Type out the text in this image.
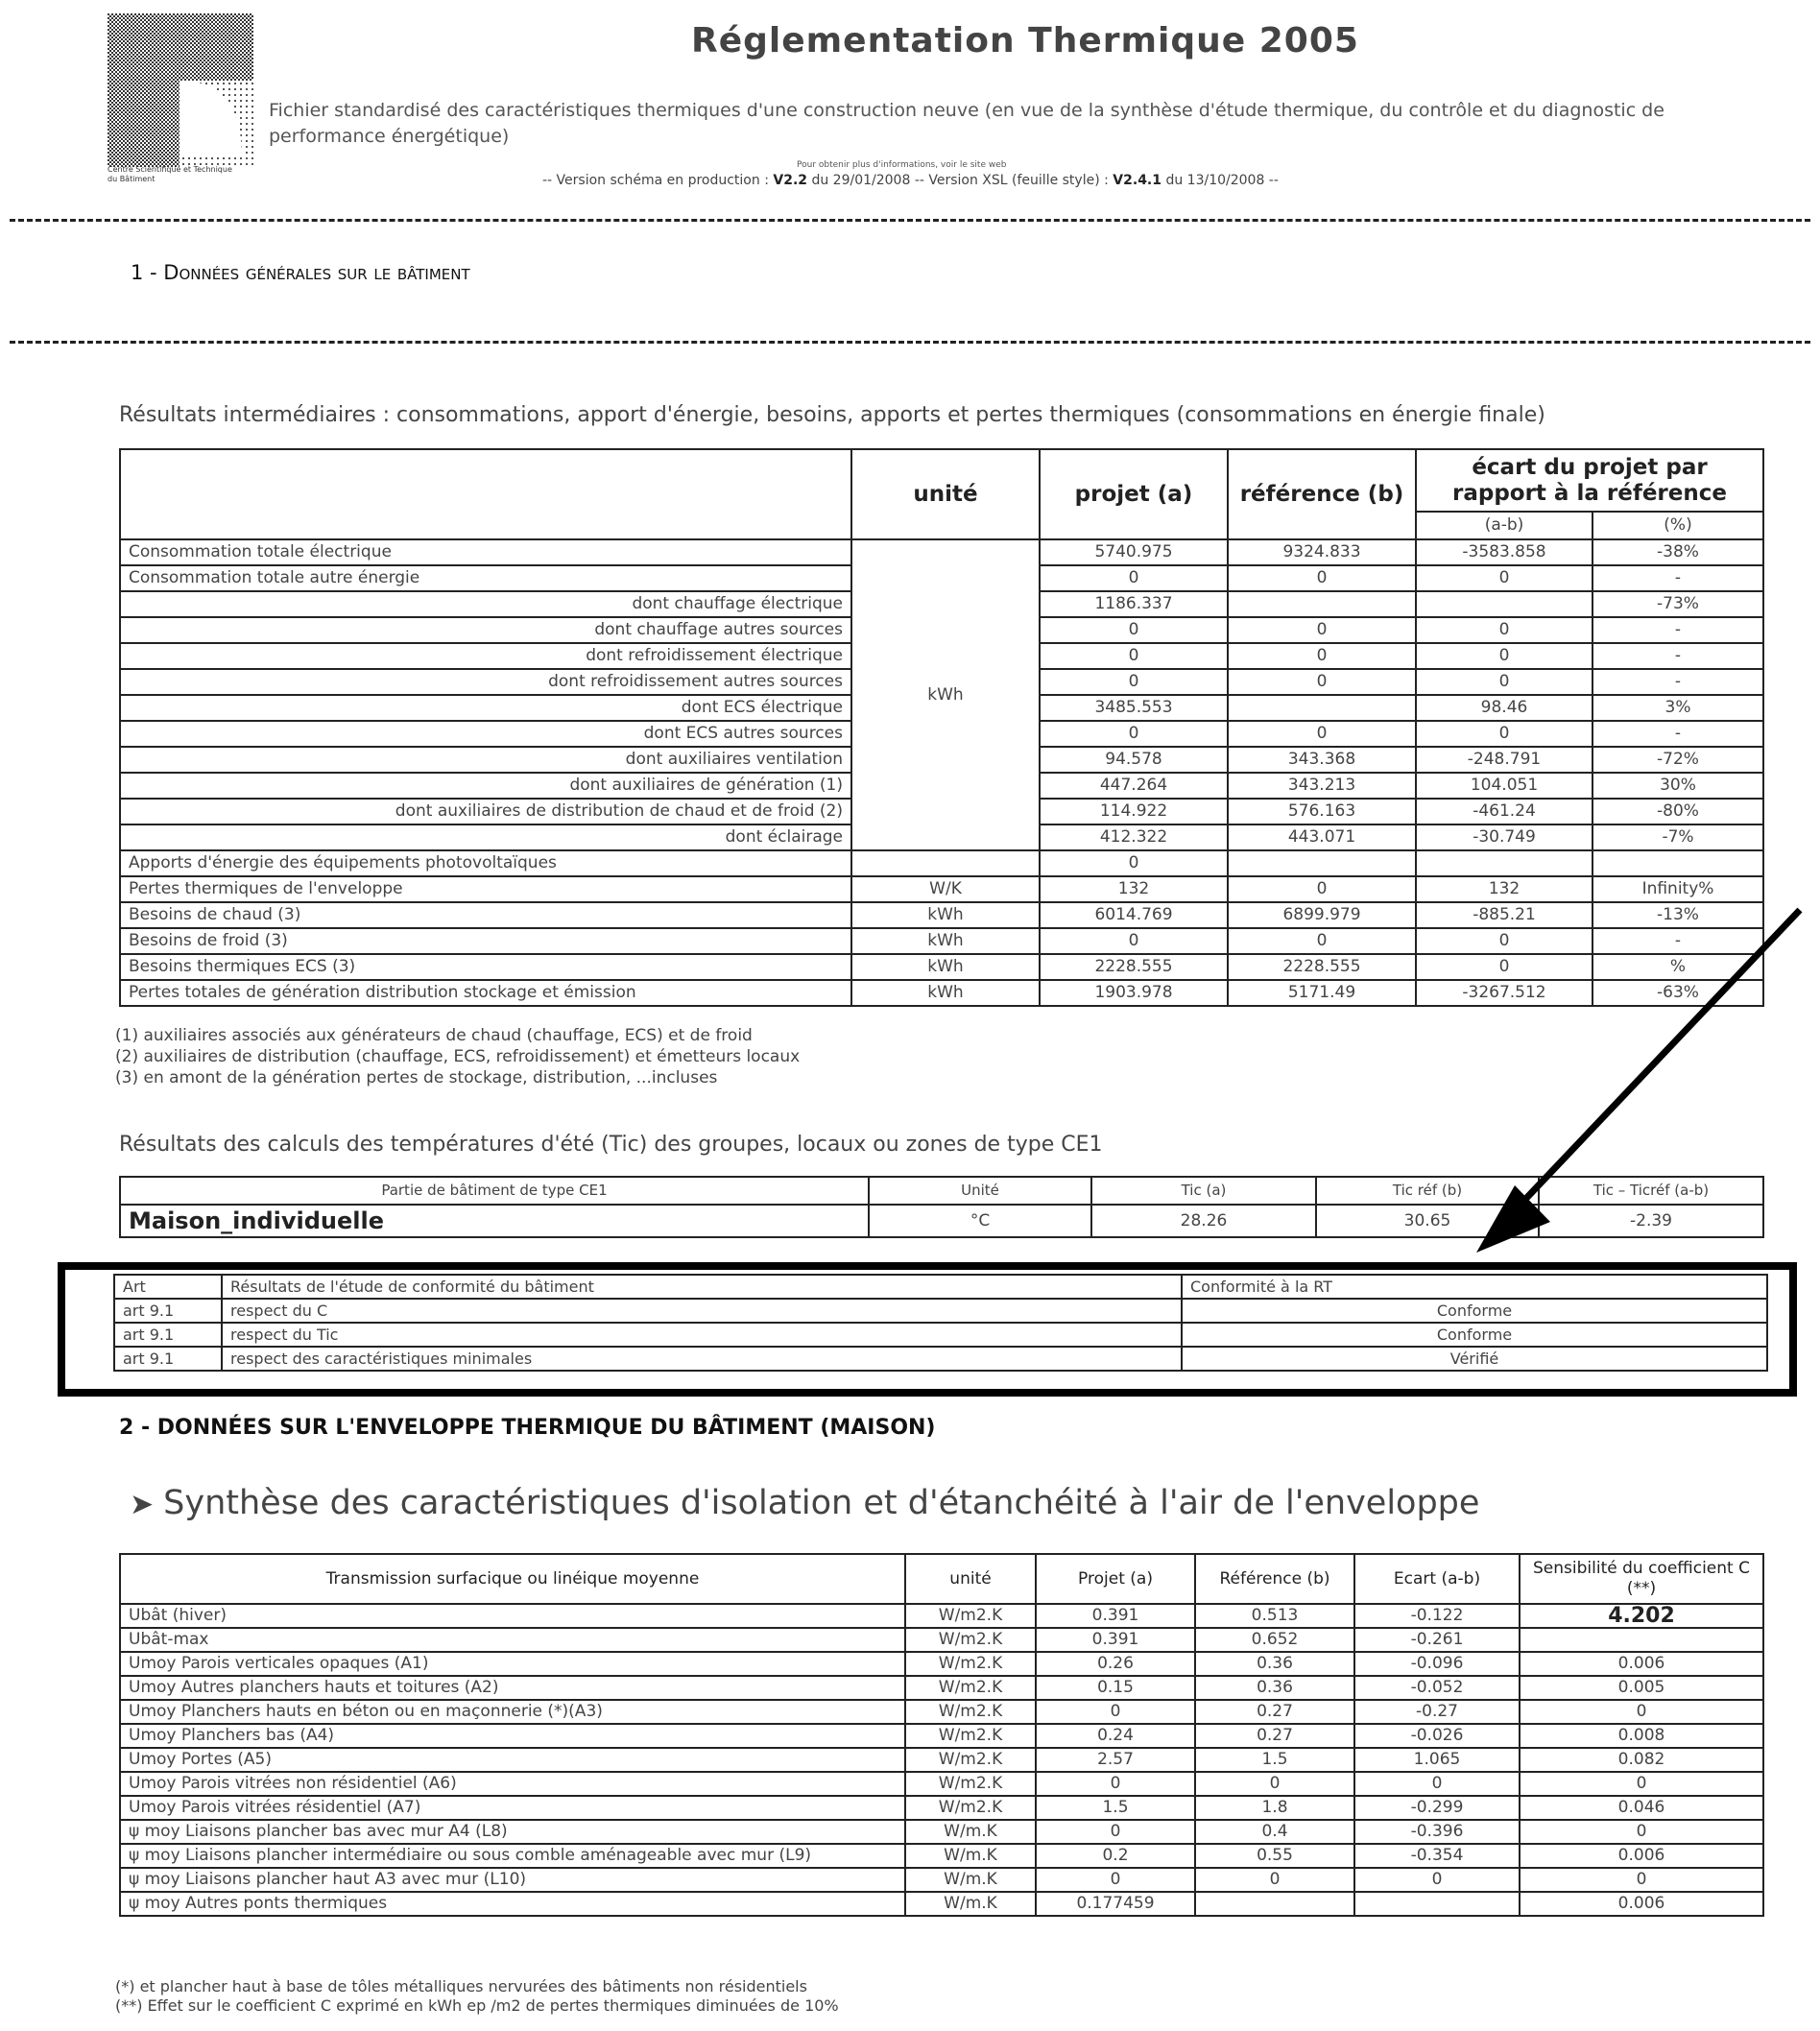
Centre Scientifique et Technique
du Bâtiment
Réglementation Thermique 2005
Fichier standardisé des caractéristiques thermiques d'une construction neuve (en vue de la synthèse d'étude thermique, du contrôle et du diagnostic de performance énergétique)
Pour obtenir plus d'informations, voir le site web
-- Version schéma en production : V2.2 du 29/01/2008 -- Version XSL (feuille style) : V2.4.1 du 13/10/2008 --
1 - Données générales sur le bâtiment
Résultats intermédiaires : consommations, apport d'énergie, besoins, apports et pertes thermiques (consommations en énergie finale)
	unité	projet (a)	référence (b)	écart du projet par rapport à la référence	
				(a-b)	(%)
Consommation totale électrique	kWh	5740.975	9324.833	-3583.858	-38%
Consommation totale autre énergie		0	0	0	-
dont chauffage électrique		1186.337			-73%
dont chauffage autres sources		0	0	0	-
dont refroidissement électrique		0	0	0	-
dont refroidissement autres sources		0	0	0	-
dont ECS électrique		3485.553		98.46	3%
dont ECS autres sources		0	0	0	-
dont auxiliaires ventilation		94.578	343.368	-248.791	-72%
dont auxiliaires de génération (1)		447.264	343.213	104.051	30%
dont auxiliaires de distribution de chaud et de froid (2)		114.922	576.163	-461.24	-80%
dont éclairage		412.322	443.071	-30.749	-7%
Apports d'énergie des équipements photovoltaïques		0			
Pertes thermiques de l'enveloppe	W/K	132	0	132	Infinity%
Besoins de chaud (3)	kWh	6014.769	6899.979	-885.21	-13%
Besoins de froid (3)	kWh	0	0	0	-
Besoins thermiques ECS (3)	kWh	2228.555	2228.555	0	%
Pertes totales de génération distribution stockage et émission	kWh	1903.978	5171.49	-3267.512	-63%
(1) auxiliaires associés aux générateurs de chaud (chauffage, ECS) et de froid
(2) auxiliaires de distribution (chauffage, ECS, refroidissement) et émetteurs locaux
(3) en amont de la génération pertes de stockage, distribution, ...incluses
Résultats des calculs des températures d'été (Tic) des groupes, locaux ou zones de type CE1
Partie de bâtiment de type CE1	Unité	Tic (a)	Tic réf (b)	Tic – Ticréf (a-b)
Maison_individuelle	°C	28.26	30.65	-2.39
Art	Résultats de l'étude de conformité du bâtiment	Conformité à la RT
art 9.1	respect du C	Conforme
art 9.1	respect du Tic	Conforme
art 9.1	respect des caractéristiques minimales	Vérifié
2 - DONNÉES SUR L'ENVELOPPE THERMIQUE DU BÂTIMENT (MAISON)
➤ Synthèse des caractéristiques d'isolation et d'étanchéité à l'air de l'enveloppe
Transmission surfacique ou linéique moyenne	unité	Projet (a)	Référence (b)	Ecart (a-b)	Sensibilité du coefficient C (**)
Ubât (hiver)	W/m2.K	0.391	0.513	-0.122	4.202
Ubât-max	W/m2.K	0.391	0.652	-0.261	
Umoy Parois verticales opaques (A1)	W/m2.K	0.26	0.36	-0.096	0.006
Umoy Autres planchers hauts et toitures (A2)	W/m2.K	0.15	0.36	-0.052	0.005
Umoy Planchers hauts en béton ou en maçonnerie (*)(A3)	W/m2.K	0	0.27	-0.27	0
Umoy Planchers bas (A4)	W/m2.K	0.24	0.27	-0.026	0.008
Umoy Portes (A5)	W/m2.K	2.57	1.5	1.065	0.082
Umoy Parois vitrées non résidentiel (A6)	W/m2.K	0	0	0	0
Umoy Parois vitrées résidentiel (A7)	W/m2.K	1.5	1.8	-0.299	0.046
ψ moy Liaisons plancher bas avec mur A4 (L8)	W/m.K	0	0.4	-0.396	0
ψ moy Liaisons plancher intermédiaire ou sous comble aménageable avec mur (L9)	W/m.K	0.2	0.55	-0.354	0.006
ψ moy Liaisons plancher haut A3 avec mur (L10)	W/m.K	0	0	0	0
ψ moy Autres ponts thermiques	W/m.K	0.177459			0.006
(*) et plancher haut à base de tôles métalliques nervurées des bâtiments non résidentiels
(**) Effet sur le coefficient C exprimé en kWh ep /m2 de pertes thermiques diminuées de 10%
